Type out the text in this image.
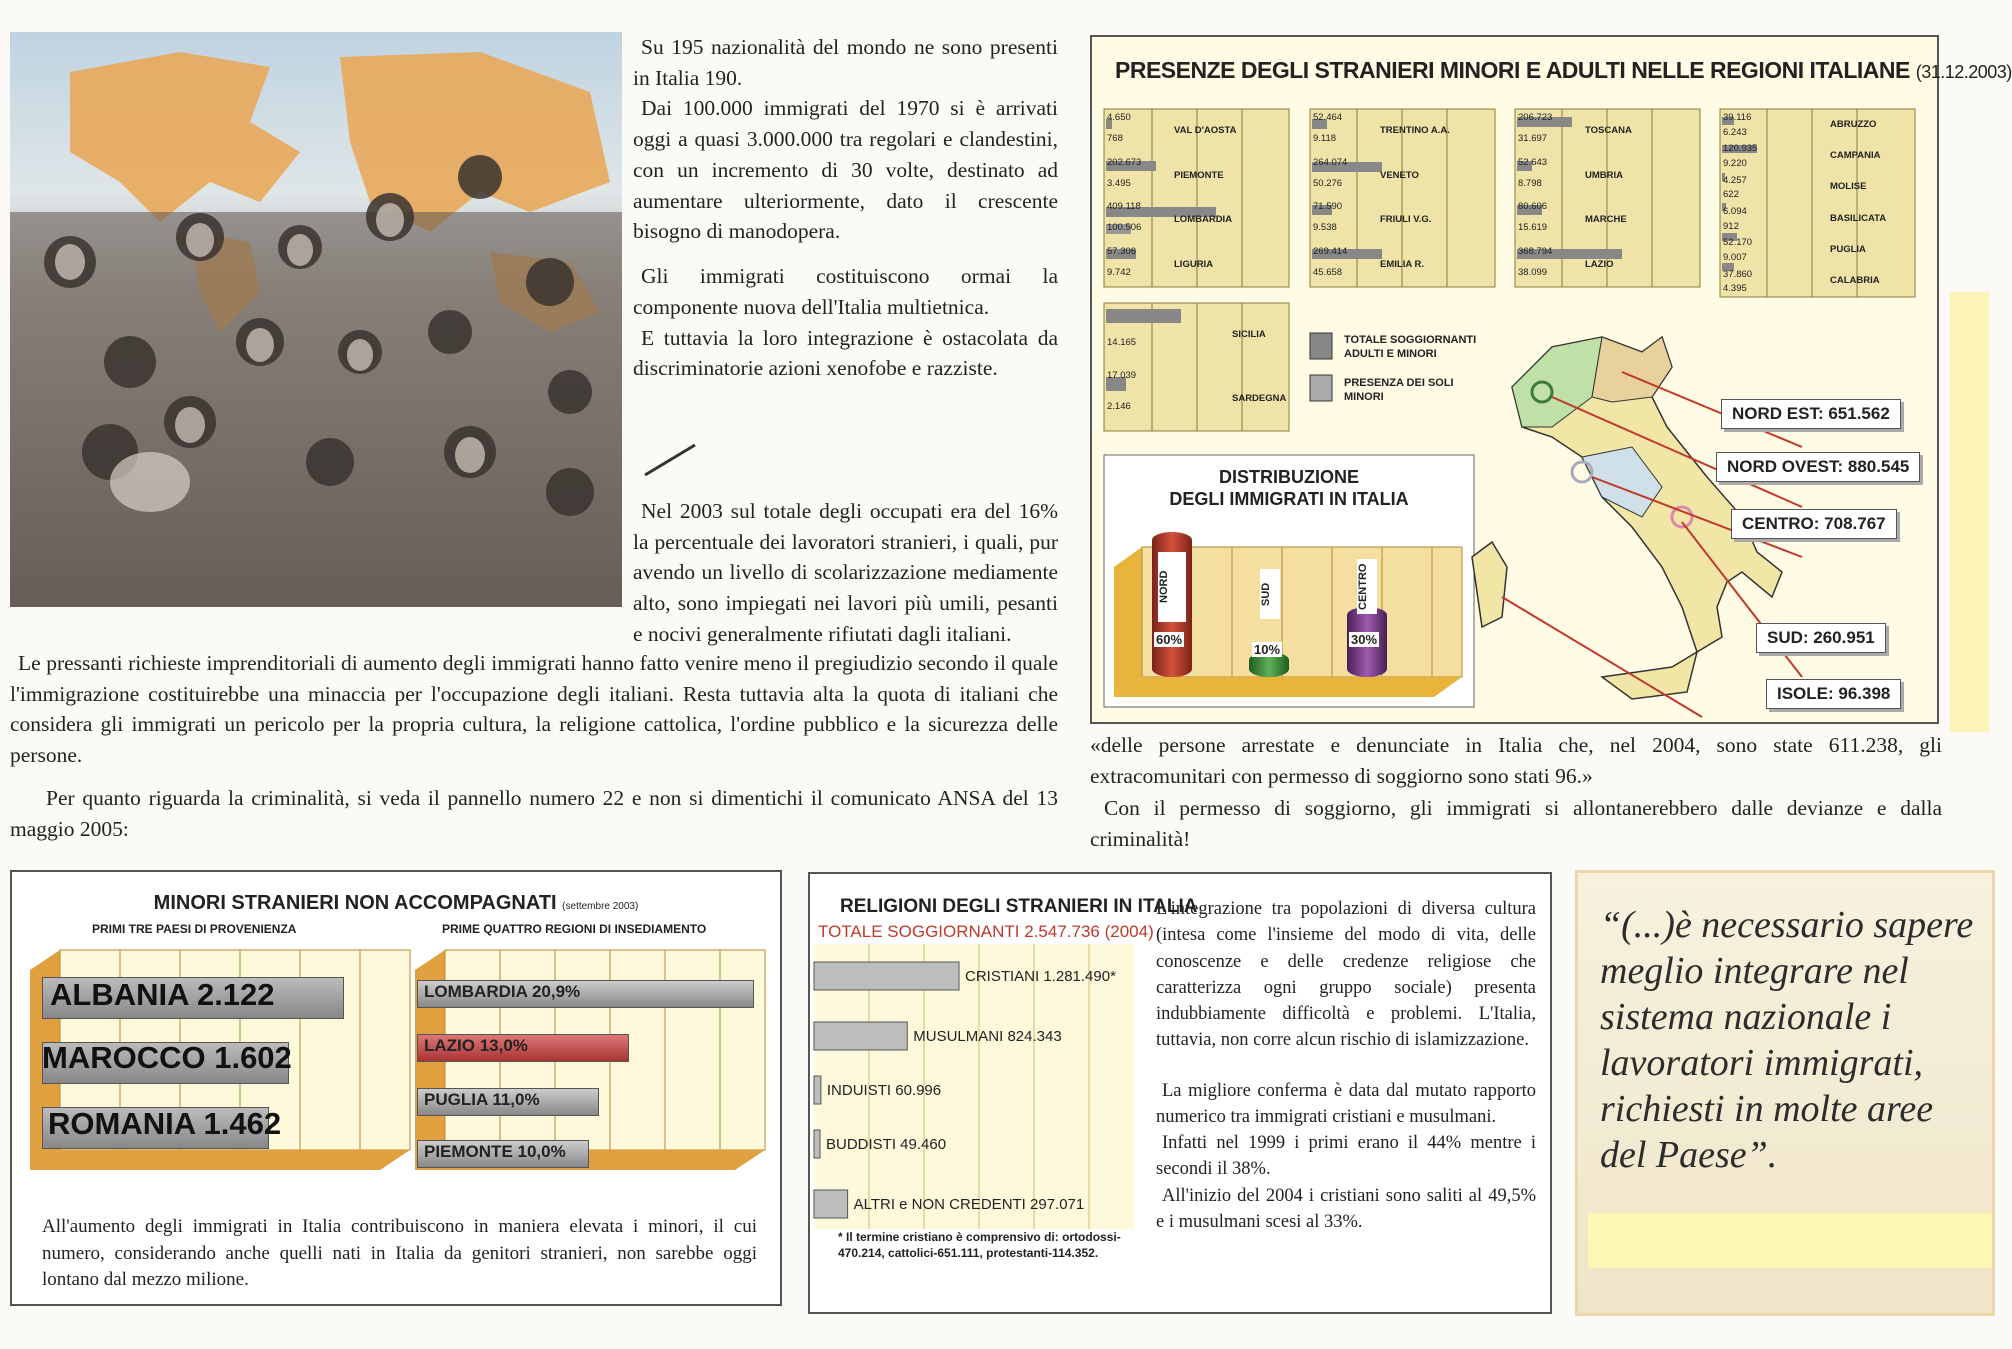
Su 195 nazionalità del mondo ne sono presenti in Italia 190.

Dai 100.000 immigrati del 1970 si è arrivati oggi a quasi 3.000.000 tra regolari e clandestini, con un incremento di 30 volte, destinato ad aumentare ulteriormente, dato il crescente bisogno di manodopera.

Gli immigrati costituiscono ormai la componente nuova dell'Italia multietnica.

E tuttavia la loro integrazione è ostacolata da discriminatorie azioni xenofobe e razziste.

Nel 2003 sul totale degli occupati era del 16% la percentuale dei lavoratori stranieri, i quali, pur avendo un livello di scolarizzazione mediamente alto, sono impiegati nei lavori più umili, pesanti e nocivi generalmente rifiutati dagli italiani.

Le pressanti richieste imprenditoriali di aumento degli immigrati hanno fatto venire meno il pregiudizio secondo il quale l'immigrazione costituirebbe una minaccia per l'occupazione degli italiani. Resta tuttavia alta la quota di italiani che considera gli immigrati un pericolo per la propria cultura, la religione cattolica, l'ordine pubblico e la sicurezza delle persone.

Per quanto riguarda la criminalità, si veda il pannello numero 22 e non si dimentichi il comunicato ANSA del 13 maggio 2005:

PRESENZE DEGLI STRANIERI MINORI E ADULTI NELLE REGIONI ITALIANE (31.12.2003)
4.650
768
VAL D'AOSTA
202.673
3.495
PIEMONTE
409.118
100.506
LOMBARDIA
57.306
9.742
LIGURIA
52.464
9.118
TRENTINO A.A.
264.074
50.276
VENETO
71.590
9.538
FRIULI V.G.
269.414
45.658
EMILIA R.
206.723
31.697
TOSCANA
52.643
8.798
UMBRIA
80.606
15.619
MARCHE
368.794
38.099
LAZIO
39.116
6.243
ABRUZZO
120.935
9.220
CAMPANIA
4.257
622
MOLISE
6.094
912
BASILICATA
52.170
9.007
PUGLIA
37.860
4.395
CALABRIA
14.165
SICILIA
17.039
2.146
SARDEGNA
TOTALE SOGGIORNANTI ADULTI E MINORI
PRESENZA DEI SOLI MINORI
DISTRIBUZIONE
DEGLI IMMIGRATI IN ITALIA
NORD
60%
10%
SUD
30%
CENTRO
NORD EST: 651.562
NORD OVEST: 880.545
CENTRO: 708.767
SUD: 260.951
ISOLE: 96.398

«delle persone arrestate e denunciate in Italia che, nel 2004, sono state 611.238, gli extracomunitari con permesso di soggiorno sono stati 96.»

Con il permesso di soggiorno, gli immigrati si allontanerebbero dalle devianze e dalla criminalità!

MINORI STRANIERI NON ACCOMPAGNATI (settembre 2003)
PRIMI TRE PAESI DI PROVENIENZA	PRIME QUATTRO REGIONI DI INSEDIAMENTO
ALBANIA 2.122
MAROCCO 1.602
ROMANIA 1.462
LOMBARDIA 20,9%
LAZIO 13,0%
PUGLIA 11,0%
PIEMONTE 10,0%

All'aumento degli immigrati in Italia contribuiscono in maniera elevata i minori, il cui numero, considerando anche quelli nati in Italia da genitori stranieri, non sarebbe oggi lontano dal mezzo milione.

RELIGIONI DEGLI STRANIERI IN ITALIA
TOTALE SOGGIORNANTI 2.547.736 (2004)
CRISTIANI 1.281.490*
MUSULMANI 824.343
INDUISTI 60.996
BUDDISTI 49.460
ALTRI e NON CREDENTI 297.071

* Il termine cristiano è comprensivo di: ortodossi-470.214, cattolici-651.111, protestanti-114.352.

L'integrazione tra popolazioni di diversa cultura (intesa come l'insieme del modo di vita, delle conoscenze e delle credenze religiose che caratterizza ogni gruppo sociale) presenta indubbiamente difficoltà e problemi. L'Italia, tuttavia, non corre alcun rischio di islamizzazione.

La migliore conferma è data dal mutato rapporto numerico tra immigrati cristiani e musulmani.

Infatti nel 1999 i primi erano il 44% mentre i secondi il 38%.

All'inizio del 2004 i cristiani sono saliti al 49,5% e i musulmani scesi al 33%.

“(...)è necessario sapere meglio integrare nel sistema nazionale i lavoratori immigrati, richiesti in molte aree del Paese”.
